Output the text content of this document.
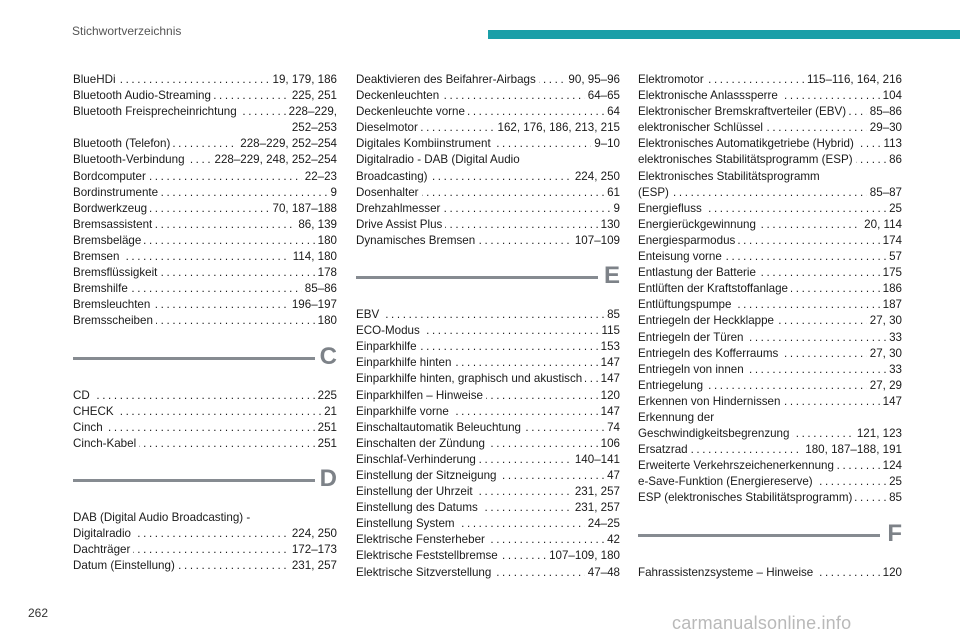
Stichwortverzeichnis
19, 179, 186
BlueHDi . . .
225, 251
Bluetooth Audio-Streaming . . .
228–229,
Bluetooth Freisprecheinrichtung . . .
252–253
228–229, 252–254
Bluetooth (Telefon) . . .
228–229, 248, 252–254
Bluetooth-Verbindung . . .
22–23
Bordcomputer . . .
9
Bordinstrumente . . .
70, 187–188
Bordwerkzeug . . .
86, 139
Bremsassistent . . .
180
Bremsbeläge . . .
114, 180
Bremsen . . .
178
Bremsflüssigkeit . . .
85–86
Bremshilfe . . .
196–197
Bremsleuchten . . .
180
Bremsscheiben . . .
C
225
CD . . .
21
CHECK . . .
251
Cinch . . .
251
Cinch-Kabel . . .
D
DAB (Digital Audio Broadcasting) -
224, 250
Digitalradio . . .
172–173
Dachträger . . .
231, 257
Datum (Einstellung) . . .
90, 95–96
Deaktivieren des Beifahrer-Airbags . . .
64–65
Deckenleuchten . . .
64
Deckenleuchte vorne . . .
162, 176, 186, 213, 215
Dieselmotor . . .
9–10
Digitales Kombiinstrument . . .
Digitalradio - DAB (Digital Audio
224, 250
Broadcasting) . . .
61
Dosenhalter . . .
9
Drehzahlmesser . . .
130
Drive Assist Plus . . .
107–109
Dynamisches Bremsen . . .
E
85
EBV . . .
115
ECO-Modus . . .
153
Einparkhilfe . . .
147
Einparkhilfe hinten . . .
147
Einparkhilfe hinten, graphisch und akustisch . . .
120
Einparkhilfen – Hinweise . . .
147
Einparkhilfe vorne . . .
74
Einschaltautomatik Beleuchtung . . .
106
Einschalten der Zündung . . .
140–141
Einschlaf-Verhinderung . . .
47
Einstellung der Sitzneigung . . .
231, 257
Einstellung der Uhrzeit . . .
231, 257
Einstellung des Datums . . .
24–25
Einstellung System . . .
42
Elektrische Fensterheber . . .
107–109, 180
Elektrische Feststellbremse . . .
47–48
Elektrische Sitzverstellung . . .
115–116, 164, 216
Elektromotor . . .
104
Elektronische Anlasssperre . . .
85–86
Elektronischer Bremskraftverteiler (EBV) . . .
29–30
elektronischer Schlüssel . . .
113
Elektronisches Automatikgetriebe (Hybrid) . . .
86
elektronisches Stabilitätsprogramm (ESP) . . .
Elektronisches Stabilitätsprogramm
85–87
(ESP) . . .
25
Energiefluss . . .
20, 114
Energierückgewinnung . . .
174
Energiesparmodus . . .
57
Enteisung vorne . . .
175
Entlastung der Batterie . . .
186
Entlüften der Kraftstoffanlage . . .
187
Entlüftungspumpe . . .
27, 30
Entriegeln der Heckklappe . . .
33
Entriegeln der Türen . . .
27, 30
Entriegeln des Kofferraums . . .
33
Entriegeln von innen . . .
27, 29
Entriegelung . . .
147
Erkennen von Hindernissen . . .
Erkennung der
121, 123
Geschwindigkeitsbegrenzung . . .
180, 187–188, 191
Ersatzrad . . .
124
Erweiterte Verkehrszeichenerkennung . . .
25
e-Save-Funktion (Energiereserve) . . .
85
ESP (elektronisches Stabilitätsprogramm) . . .
F
120
Fahrassistenzsysteme – Hinweise . . .
262	carmanualsonline.info
